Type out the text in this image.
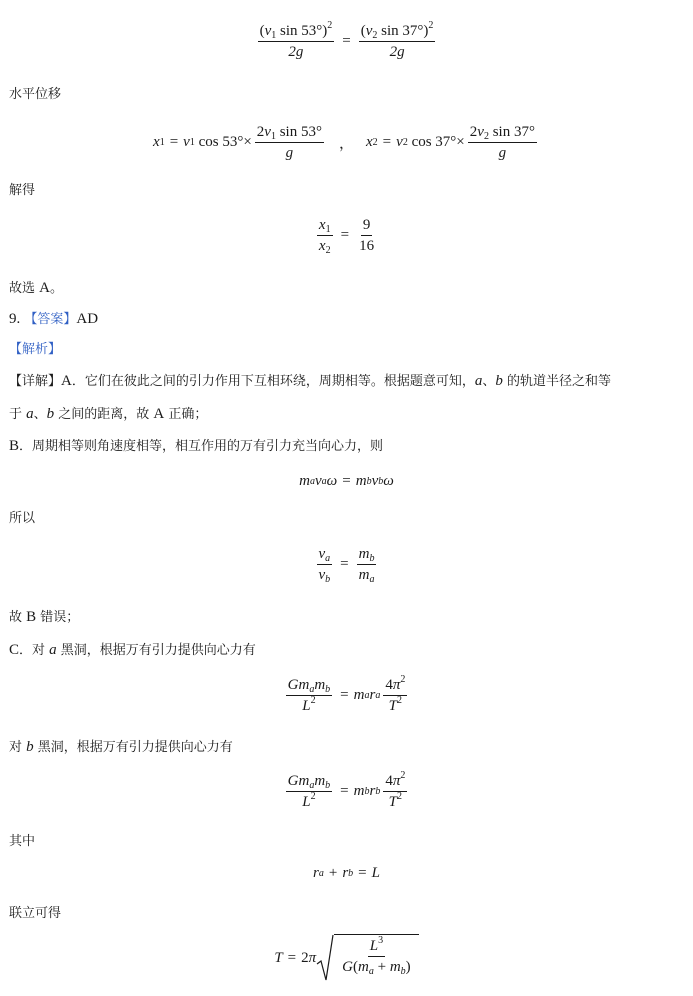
$\frac{(v_1 \sin 53^\circ)^2}{2g} = \frac{(v_2 \sin 37^\circ)^2}{2g}$
水平位移
x 1 = v 1 $\cos 53^\circ\times \frac{2v_1 \sin 53^\circ}{g}$ ， x 2 = v 2 $\cos 37^\circ\times \frac{2v_2 \sin 37^\circ}{g}$
解得
$\frac{x_1}{x_2} = \frac{9}{16}$
故选 A。
9. 【答案】AD
【解析】
【详解】A．它们在彼此之间的引力作用下互相环绕，周期相等。根据题意可知，a、b 的轨道半径之和等
于 a、b 之间的距离，故 A 正确；
B．周期相等则角速度相等，相互作用的万有引力充当向心力，则
m a v a ω = m b v b ω
所以
$\frac{v_a}{v_b} = \frac{m_b}{m_a}$
故 B 错误；
C．对 a 黑洞，根据万有引力提供向心力有
$\frac{Gm_am_b}{L^2} = m$ a r a $\frac{4\pi^2}{T^2}$
对 b 黑洞，根据万有引力提供向心力有
$\frac{Gm_am_b}{L^2} = m$ b r b $\frac{4\pi^2}{T^2}$
其中
r a + r b = L
联立可得
T = 2 π $\frac{L^3}{G(m_a + m_b)}$
